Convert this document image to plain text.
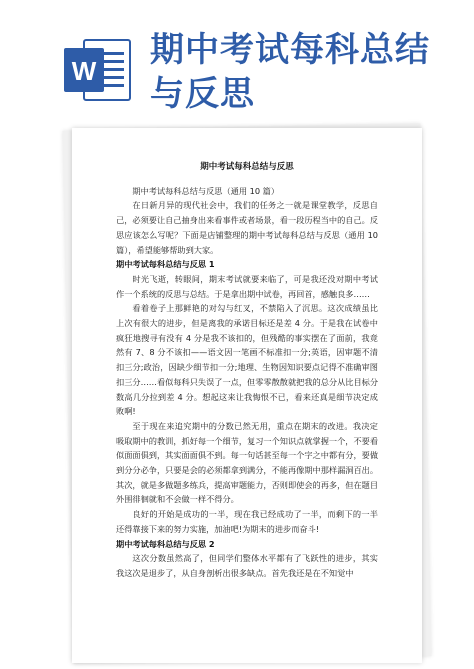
W
期中考试每科总结与反思
期中考试每科总结与反思

期中考试每科总结与反思（通用 10 篇）

在日新月异的现代社会中，我们的任务之一就是课堂教学，反思自己，必须要让自己抽身出来看事件或者场景，看一段历程当中的自己。反思应该怎么写呢？下面是店铺整理的期中考试每科总结与反思（通用 10 篇），希望能够帮助到大家。

期中考试每科总结与反思 1

时光飞逝，转眼间，期末考试就要来临了，可是我还没对期中考试作一个系统的反思与总结。于是拿出期中试卷，再回首，感触良多……

看着卷子上那鲜艳的对勾与红叉，不禁陷入了沉思。这次成绩虽比上次有很大的进步，但是离我的承诺目标还是差 4 分。于是我在试卷中疯狂地搜寻有没有 4 分是我不该扣的，但残酷的事实摆在了面前，我竟然有 7、8 分不该扣——语文因一笔画不标准扣一分;英语，因审题不清扣三分;政治，因缺少细节扣一分;地理、生物因知识要点记得不准确审图扣三分……看似每科只失误了一点，但零零散散就把我的总分从比目标分数高几分拉到差 4 分。想起这来让我悔恨不已，看来还真是细节决定成败啊!

至于现在来追究期中的分数已然无用，重点在期末的改进。我决定吸取期中的教训，抓好每一个细节，复习一个知识点就掌握一个，不要看似面面俱到，其实面面俱不到。每一句话甚至每一个字之中都有分，要做到分分必争，只要是会的必须都拿到满分，不能再像期中那样漏洞百出。其次，就是多做题多练兵，提高审题能力，否则即使会的再多，但在题目外围徘徊就和不会做一样不得分。

良好的开始是成功的一半，现在我已经成功了一半，而剩下的一半还得靠接下来的努力实施，加油吧!为期末的进步而奋斗!

期中考试每科总结与反思 2

这次分数虽然高了，但同学们整体水平都有了飞跃性的进步，其实我这次是退步了，从自身剖析出很多缺点。首先我还是在不知觉中
